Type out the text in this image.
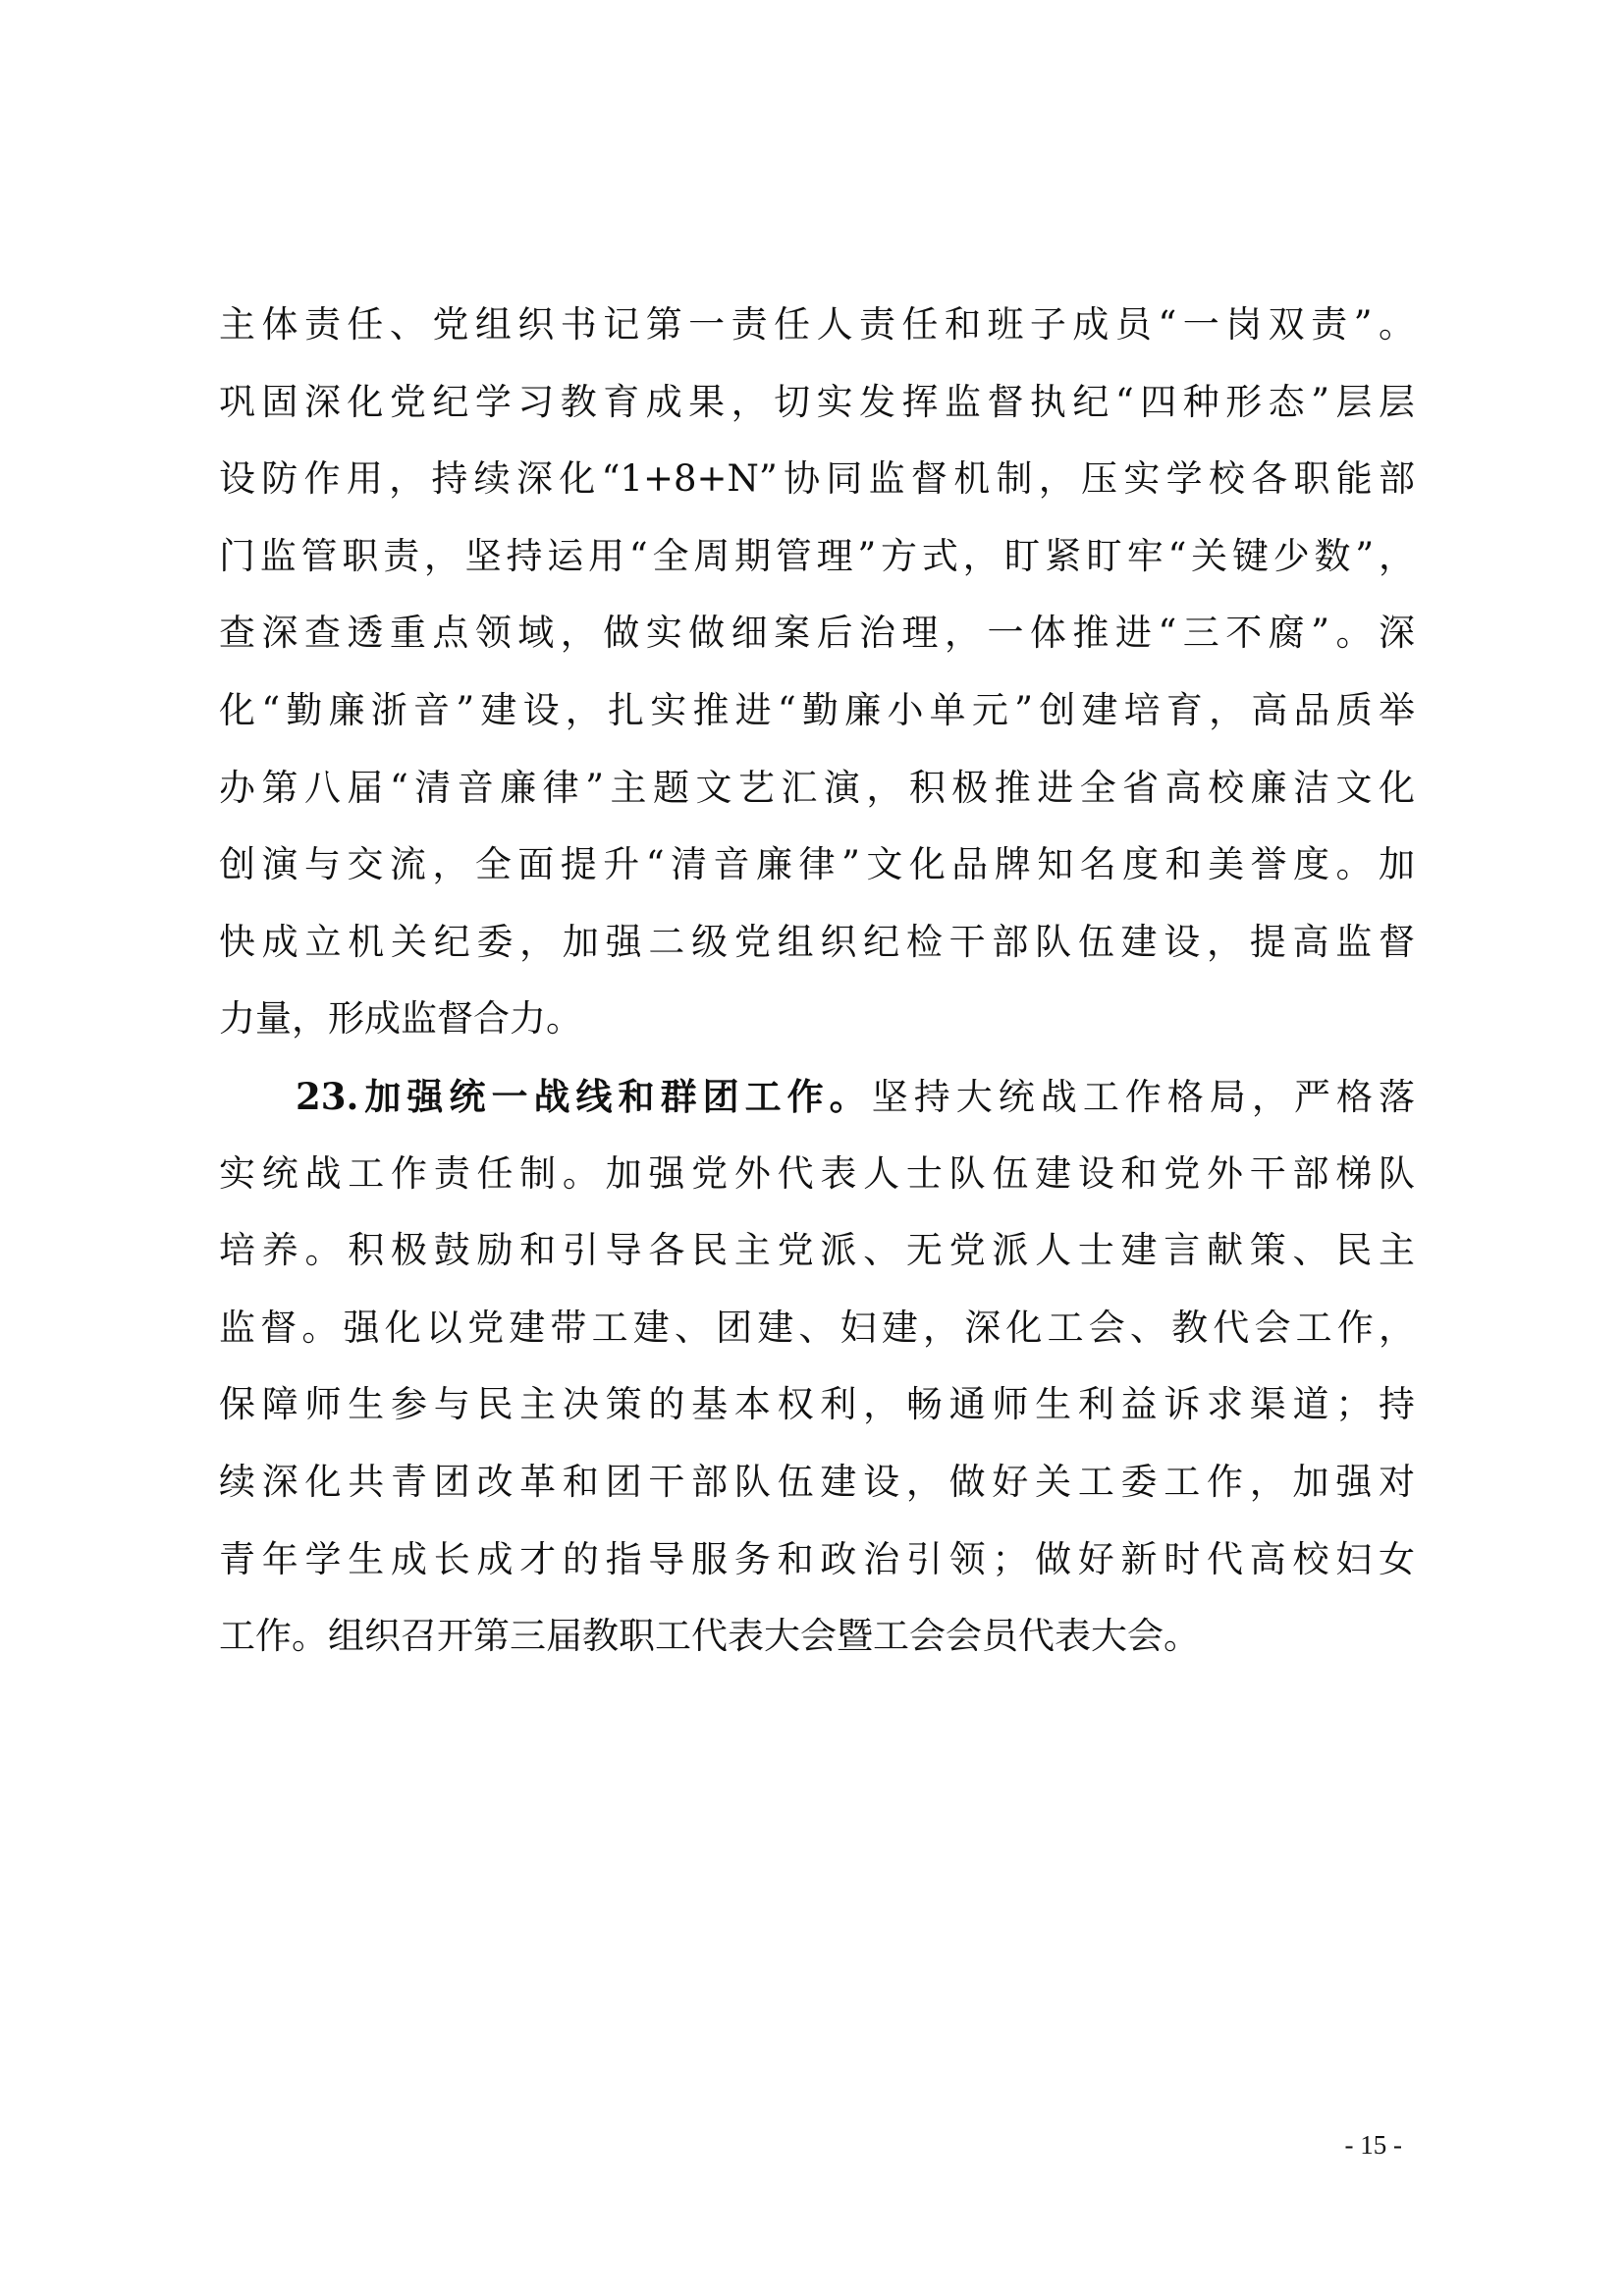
主体责任、党组织书记第一责任人责任和班子成员“一岗双责”。
巩固深化党纪学习教育成果，切实发挥监督执纪“四种形态”层层
设防作用，持续深化“1+8+N”协同监督机制，压实学校各职能部
门监管职责，坚持运用“全周期管理”方式，盯紧盯牢“关键少数”，
查深查透重点领域，做实做细案后治理，一体推进“三不腐”。深
化“勤廉浙音”建设，扎实推进“勤廉小单元”创建培育，高品质举
办第八届“清音廉律”主题文艺汇演，积极推进全省高校廉洁文化
创演与交流，全面提升“清音廉律”文化品牌知名度和美誉度。加
快成立机关纪委，加强二级党组织纪检干部队伍建设，提高监督
力量，形成监督合力。
23.加强统一战线和群团工作。坚持大统战工作格局，严格落
实统战工作责任制。加强党外代表人士队伍建设和党外干部梯队
培养。积极鼓励和引导各民主党派、无党派人士建言献策、民主
监督。强化以党建带工建、团建、妇建，深化工会、教代会工作，
保障师生参与民主决策的基本权利，畅通师生利益诉求渠道；持
续深化共青团改革和团干部队伍建设，做好关工委工作，加强对
青年学生成长成才的指导服务和政治引领；做好新时代高校妇女
工作。组织召开第三届教职工代表大会暨工会会员代表大会。
- 15 -
